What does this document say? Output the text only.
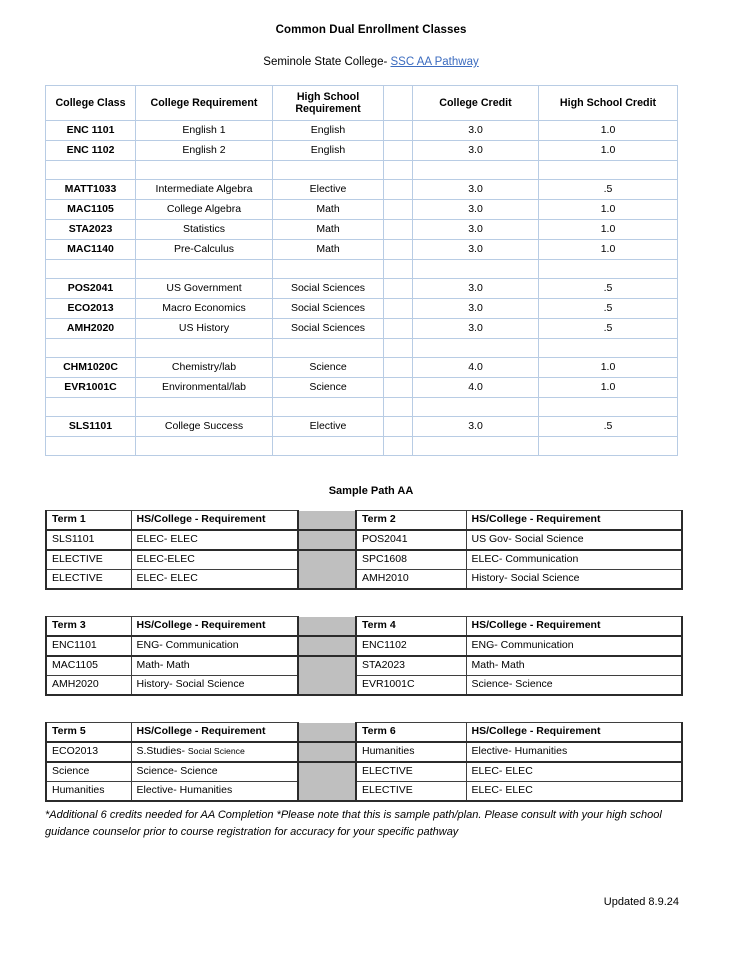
Common Dual Enrollment Classes

Seminole State College- SSC AA Pathway

College Class	College Requirement	High School Requirement		College Credit	High School Credit
ENC 1101	English 1	English		3.0	1.0
ENC 1102	English 2	English		3.0	1.0

MATT1033	Intermediate Algebra	Elective		3.0	.5
MAC1105	College Algebra	Math		3.0	1.0
STA2023	Statistics	Math		3.0	1.0
MAC1140	Pre-Calculus	Math		3.0	1.0

POS2041	US Government	Social Sciences		3.0	.5
ECO2013	Macro Economics	Social Sciences		3.0	.5
AMH2020	US History	Social Sciences		3.0	.5

CHM1020C	Chemistry/lab	Science		4.0	1.0
EVR1001C	Environmental/lab	Science		4.0	1.0

SLS1101	College Success	Elective		3.0	.5

Sample Path AA
Term 1	HS/College - Requirement		Term 2	HS/College - Requirement
SLS1101	ELEC- ELEC		POS2041	US Gov- Social Science
ELECTIVE	ELEC-ELEC		SPC1608	ELEC- Communication
ELECTIVE	ELEC- ELEC		AMH2010	History- Social Science
Term 3	HS/College - Requirement		Term 4	HS/College - Requirement
ENC1101	ENG- Communication		ENC1102	ENG- Communication
MAC1105	Math- Math		STA2023	Math- Math
AMH2020	History- Social Science		EVR1001C	Science- Science
Term 5	HS/College - Requirement		Term 6	HS/College - Requirement
ECO2013	S.Studies- Social Science		Humanities	Elective- Humanities
Science	Science- Science		ELECTIVE	ELEC- ELEC
Humanities	Elective- Humanities		ELECTIVE	ELEC- ELEC

*Additional 6 credits needed for AA Completion *Please note that this is sample path/plan. Please consult with your high school guidance counselor prior to course registration for accuracy for your specific pathway

Updated 8.9.24
